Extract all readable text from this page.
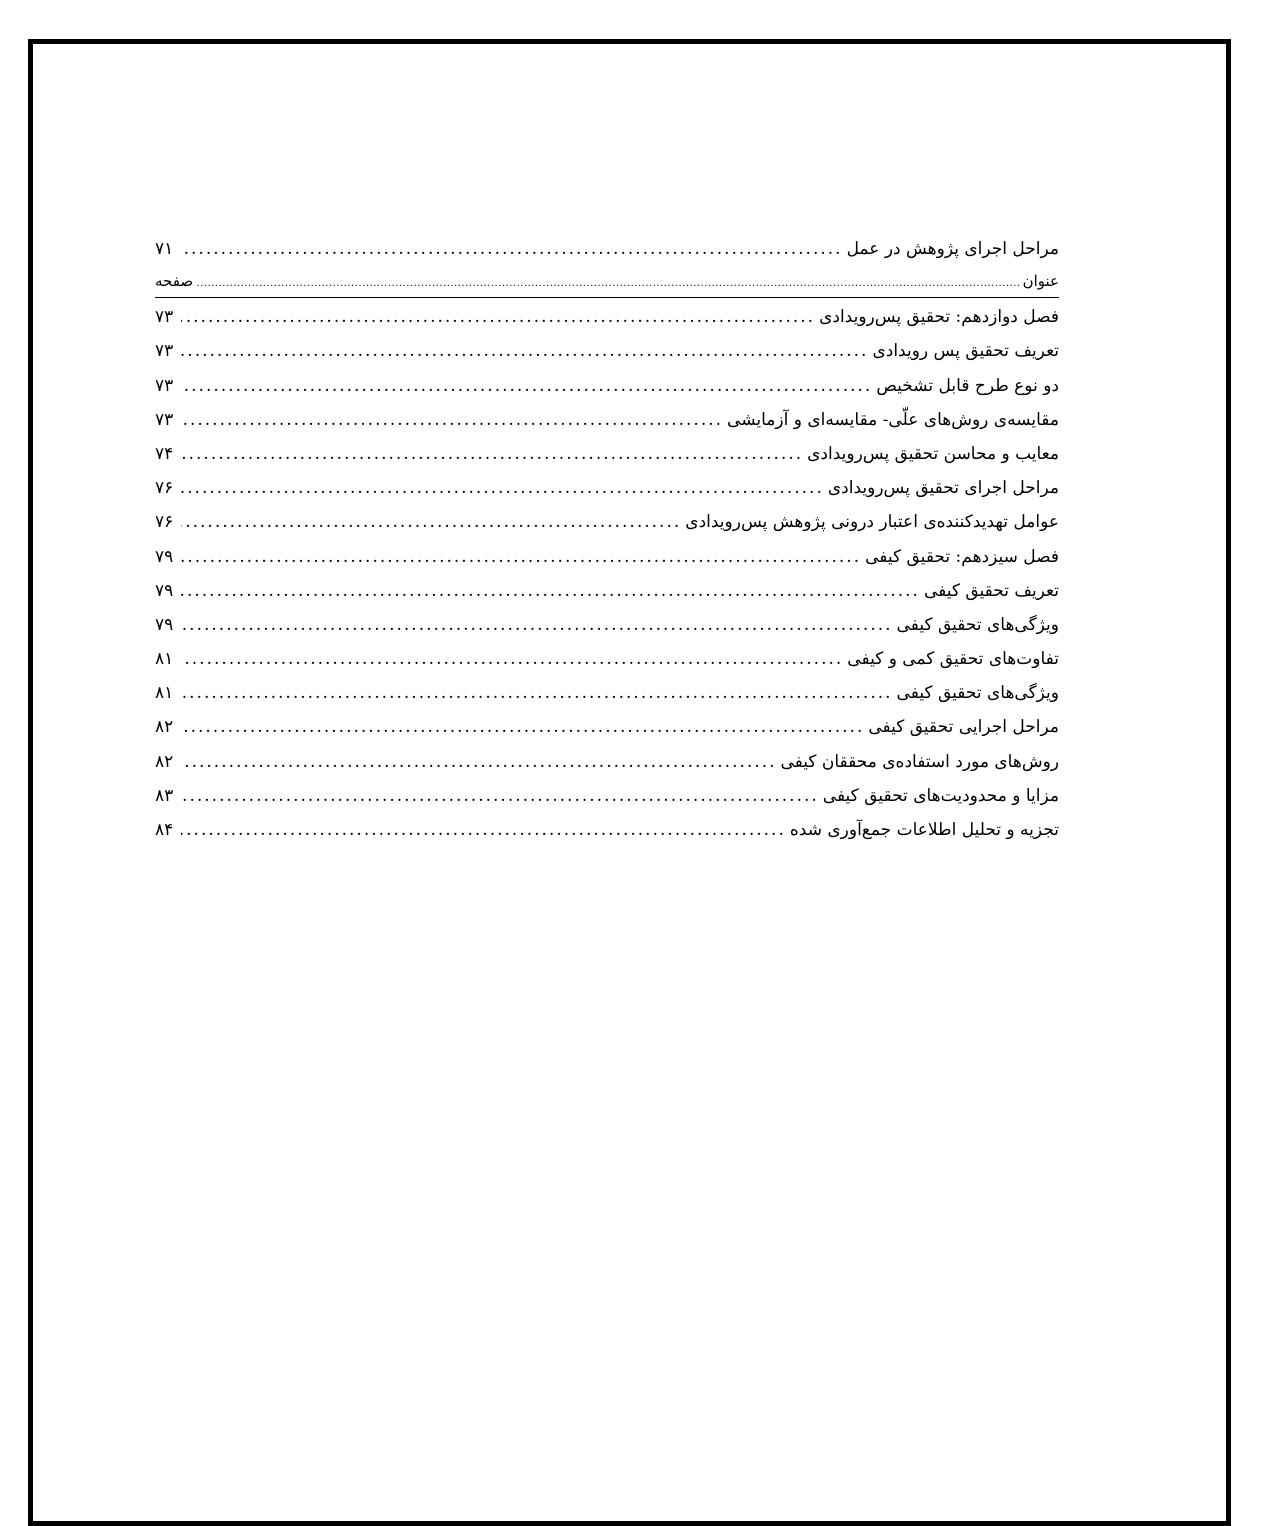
مراحل اجرای پژوهش در عمل
.....
۷۱
عنوان
.....
صفحه
فصل دوازدهم: تحقیق پس‌رویدادی
.....
۷۳
تعریف تحقیق پس رویدادی
.....
۷۳
دو نوع طرح قابل تشخیص
.....
۷۳
مقایسه‌ی روش‌های علّی- مقایسه‌ای و آزمایشی
.....
۷۳
معایب و محاسن تحقیق پس‌رویدادی
.....
۷۴
مراحل اجرای تحقیق پس‌رویدادی
.....
۷۶
عوامل تهدیدکننده‌ی اعتبار درونی پژوهش پس‌رویدادی
.....
۷۶
فصل سیزدهم: تحقیق کیفی
.....
۷۹
تعریف تحقیق کیفی
.....
۷۹
ویژگی‌های تحقیق کیفی
.....
۷۹
تفاوت‌های تحقیق کمی و کیفی
.....
۸۱
ویژگی‌های تحقیق کیفی
.....
۸۱
مراحل اجرایی تحقیق کیفی
.....
۸۲
روش‌های مورد استفاده‌ی محققان کیفی
.....
۸۲
مزایا و محدودیت‌های تحقیق کیفی
.....
۸۳
تجزیه و تحلیل اطلاعات جمع‌آوری شده
.....
۸۴
